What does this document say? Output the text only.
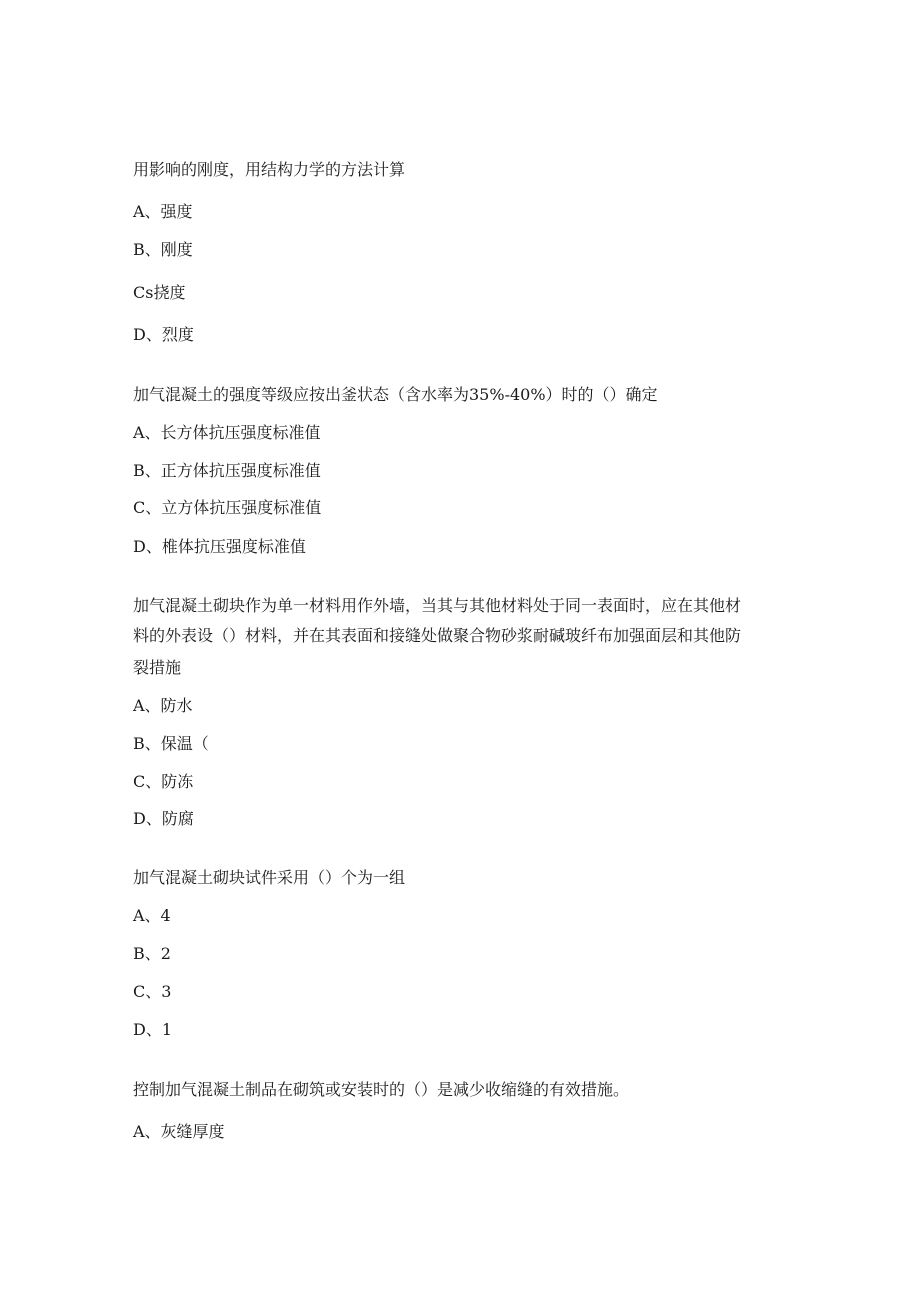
用影响的刚度，用结构力学的方法计算
A、强度
B、刚度
Cs挠度
D、烈度
加气混凝土的强度等级应按出釜状态（含水率为35%-40%）时的（）确定
A、长方体抗压强度标准值
B、正方体抗压强度标准值
C、立方体抗压强度标准值
D、椎体抗压强度标准值
加气混凝土砌块作为单一材料用作外墙，当其与其他材料处于同一表面时，应在其他材
料的外表设（）材料，并在其表面和接缝处做聚合物砂浆耐碱玻纤布加强面层和其他防
裂措施
A、防水
B、保温（
C、防冻
D、防腐
加气混凝土砌块试件采用（）个为一组
A、4
B、2
C、3
D、1
控制加气混凝土制品在砌筑或安装时的（）是减少收缩缝的有效措施。
A、灰缝厚度
